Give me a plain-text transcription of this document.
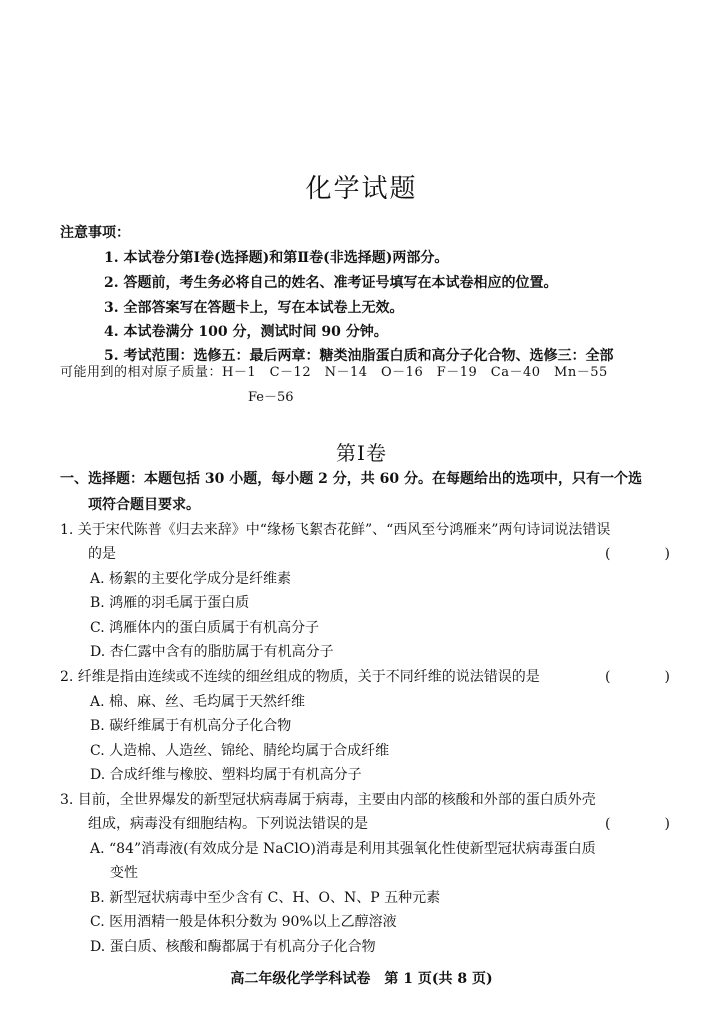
化学试题
注意事项：
1. 本试卷分第Ⅰ卷(选择题)和第Ⅱ卷(非选择题)两部分。
2. 答题前，考生务必将自己的姓名、准考证号填写在本试卷相应的位置。
3. 全部答案写在答题卡上，写在本试卷上无效。
4. 本试卷满分 100 分，测试时间 90 分钟。
5. 考试范围：选修五：最后两章：糖类油脂蛋白质和高分子化合物、选修三：全部
可能用到的相对原子质量：H－1　C－12　N－14　O－16　F－19　Ca－40　Mn－55
Fe－56
第Ⅰ卷
一、选择题：本题包括 30 小题，每小题 2 分，共 60 分。在每题给出的选项中，只有一个选
项符合题目要求。
1. 关于宋代陈普《归去来辞》中“缘杨飞絮杏花鲜”、“西风至兮鸿雁来”两句诗词说法错误
的是	(　)
A. 杨絮的主要化学成分是纤维素
B. 鸿雁的羽毛属于蛋白质
C. 鸿雁体内的蛋白质属于有机高分子
D. 杏仁露中含有的脂肪属于有机高分子
2. 纤维是指由连续或不连续的细丝组成的物质，关于不同纤维的说法错误的是	(　)
A. 棉、麻、丝、毛均属于天然纤维
B. 碳纤维属于有机高分子化合物
C. 人造棉、人造丝、锦纶、腈纶均属于合成纤维
D. 合成纤维与橡胶、塑料均属于有机高分子
3. 目前，全世界爆发的新型冠状病毒属于病毒，主要由内部的核酸和外部的蛋白质外壳
组成，病毒没有细胞结构。下列说法错误的是	(　)
A. “84”消毒液(有效成分是 NaClO)消毒是利用其强氧化性使新型冠状病毒蛋白质
变性
B. 新型冠状病毒中至少含有 C、H、O、N、P 五种元素
C. 医用酒精一般是体积分数为 90%以上乙醇溶液
D. 蛋白质、核酸和酶都属于有机高分子化合物
高二年级化学学科试卷　第 1 页(共 8 页)
